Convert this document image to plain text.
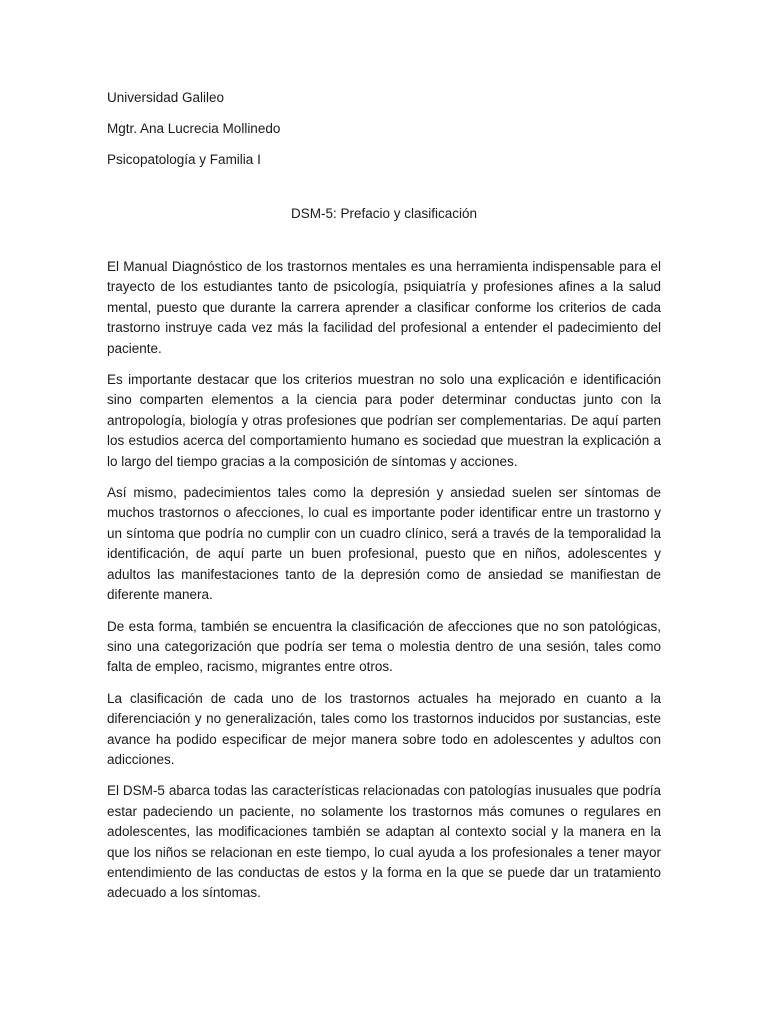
Universidad Galileo
Mgtr. Ana Lucrecia Mollinedo
Psicopatología y Familia I
DSM-5: Prefacio y clasificación

El Manual Diagnóstico de los trastornos mentales es una herramienta indispensable para el trayecto de los estudiantes tanto de psicología, psiquiatría y profesiones afines a la salud mental, puesto que durante la carrera aprender a clasificar conforme los criterios de cada trastorno instruye cada vez más la facilidad del profesional a entender el padecimiento del paciente.

Es importante destacar que los criterios muestran no solo una explicación e identificación sino comparten elementos a la ciencia para poder determinar conductas junto con la antropología, biología y otras profesiones que podrían ser complementarias. De aquí parten los estudios acerca del comportamiento humano es sociedad que muestran la explicación a lo largo del tiempo gracias a la composición de síntomas y acciones.

Así mismo, padecimientos tales como la depresión y ansiedad suelen ser síntomas de muchos trastornos o afecciones, lo cual es importante poder identificar entre un trastorno y un síntoma que podría no cumplir con un cuadro clínico, será a través de la temporalidad la identificación, de aquí parte un buen profesional, puesto que en niños, adolescentes y adultos las manifestaciones tanto de la depresión como de ansiedad se manifiestan de diferente manera.

De esta forma, también se encuentra la clasificación de afecciones que no son patológicas, sino una categorización que podría ser tema o molestia dentro de una sesión, tales como falta de empleo, racismo, migrantes entre otros.

La clasificación de cada uno de los trastornos actuales ha mejorado en cuanto a la diferenciación y no generalización, tales como los trastornos inducidos por sustancias, este avance ha podido especificar de mejor manera sobre todo en adolescentes y adultos con adicciones.

El DSM-5 abarca todas las características relacionadas con patologías inusuales que podría estar padeciendo un paciente, no solamente los trastornos más comunes o regulares en adolescentes, las modificaciones también se adaptan al contexto social y la manera en la que los niños se relacionan en este tiempo, lo cual ayuda a los profesionales a tener mayor entendimiento de las conductas de estos y la forma en la que se puede dar un tratamiento adecuado a los síntomas.
